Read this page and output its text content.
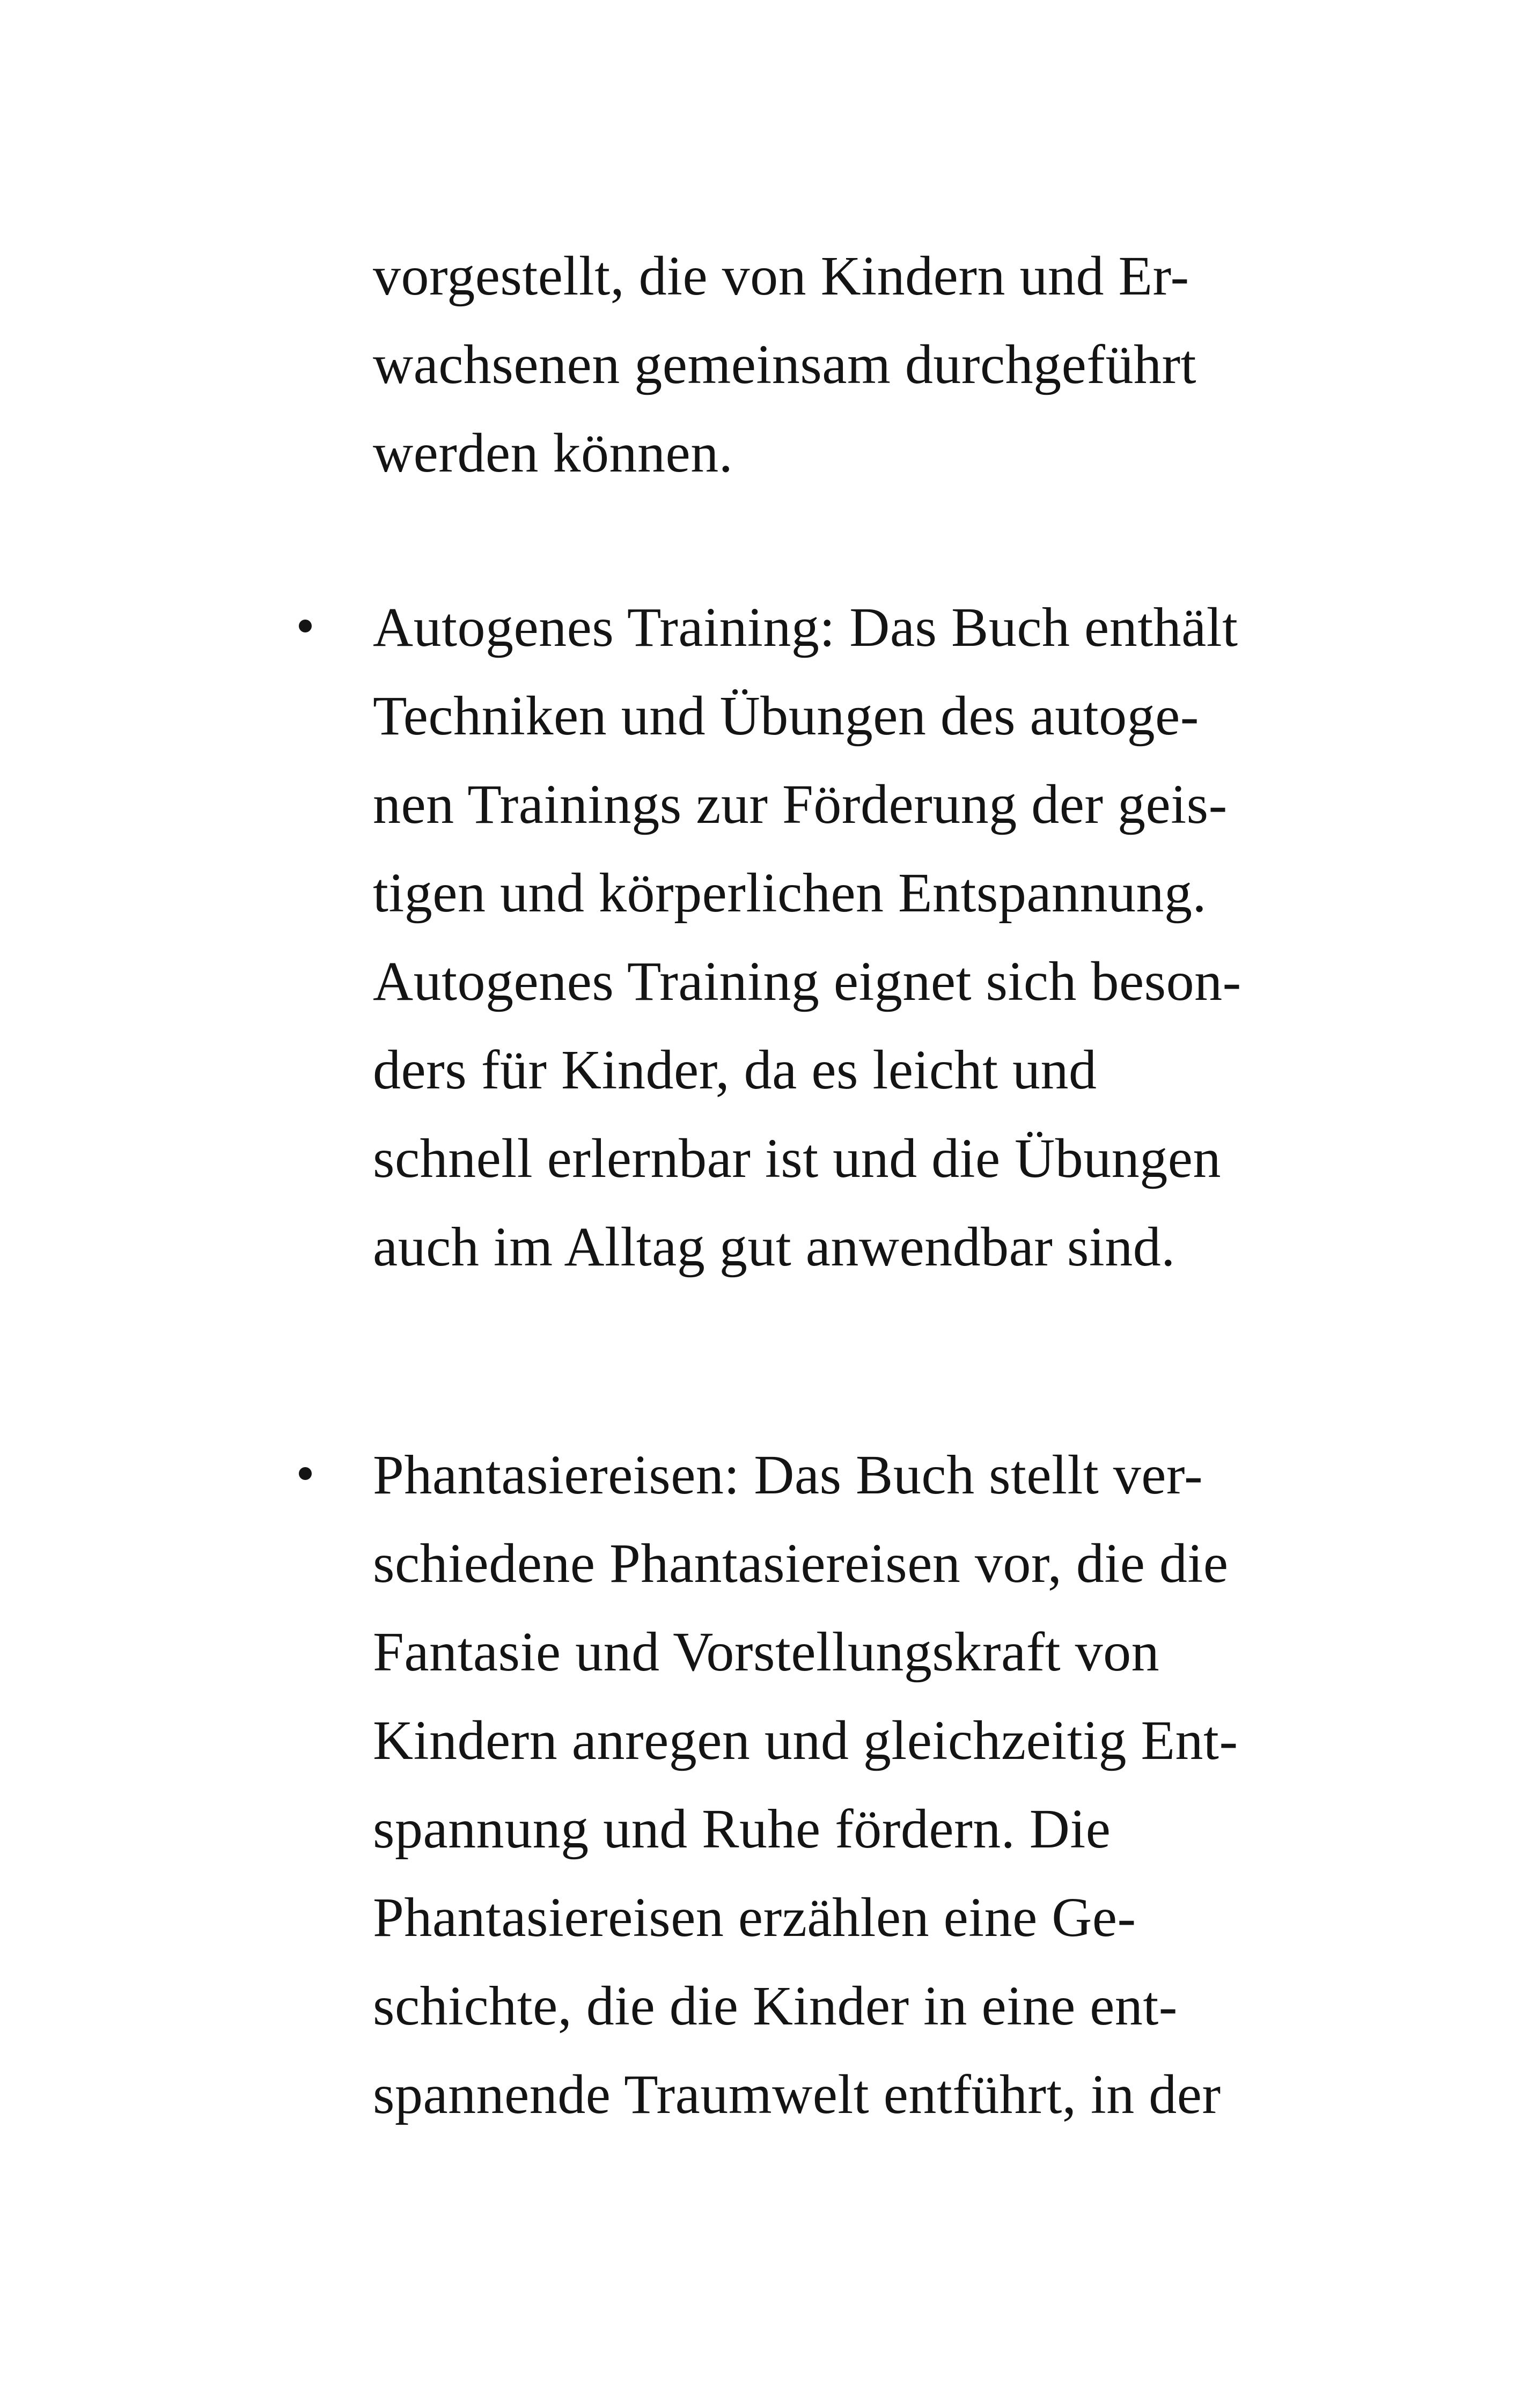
vorgestellt, die von Kindern und Er-
wachsenen gemeinsam durchgeführt
werden können.
Autogenes Training: Das Buch enthält
Techniken und Übungen des autoge-
nen Trainings zur Förderung der geis-
tigen und körperlichen Entspannung.
Autogenes Training eignet sich beson-
ders für Kinder, da es leicht und
schnell erlernbar ist und die Übungen
auch im Alltag gut anwendbar sind.
Phantasiereisen: Das Buch stellt ver-
schiedene Phantasiereisen vor, die die
Fantasie und Vorstellungskraft von
Kindern anregen und gleichzeitig Ent-
spannung und Ruhe fördern. Die
Phantasiereisen erzählen eine Ge-
schichte, die die Kinder in eine ent-
spannende Traumwelt entführt, in der
